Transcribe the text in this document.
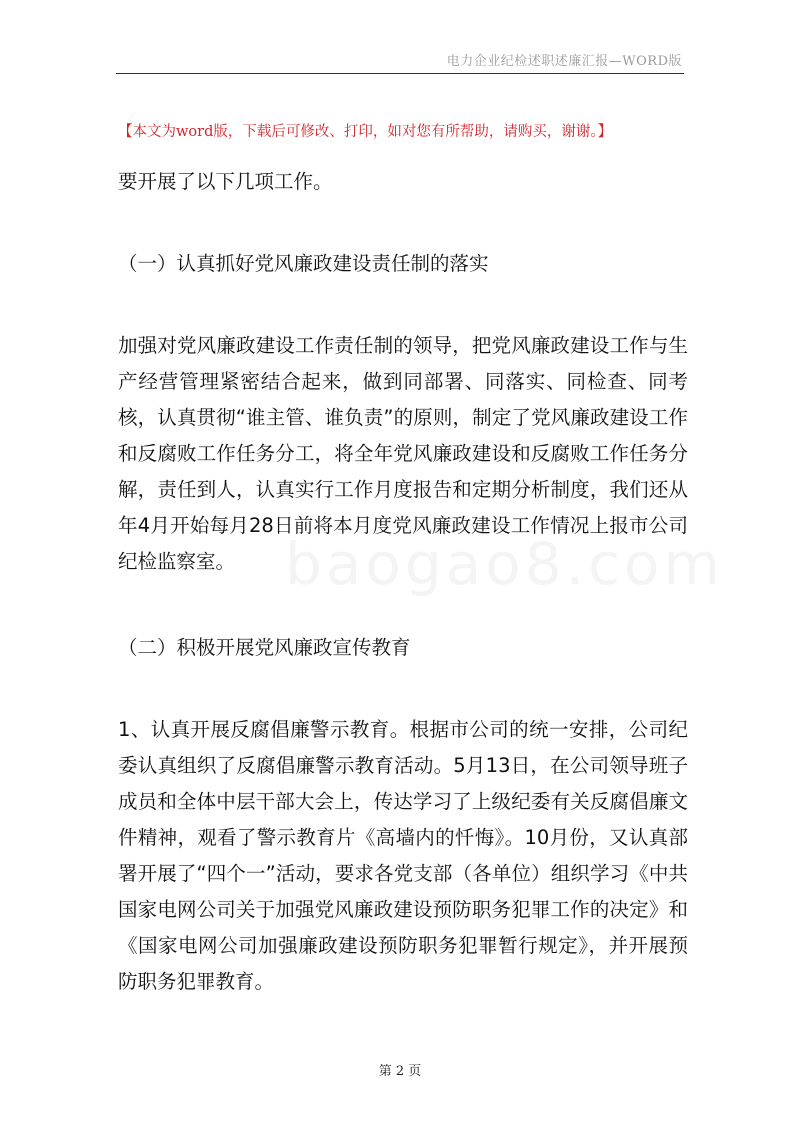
电力企业纪检述职述廉汇报—WORD版
【本文为word版，下载后可修改、打印，如对您有所帮助，请购买，谢谢。】
baogao8.com

要开展了以下几项工作。

（一）认真抓好党风廉政建设责任制的落实

加强对党风廉政建设工作责任制的领导，把党风廉政建设工作与生产经营管理紧密结合起来，做到同部署、同落实、同检查、同考核，认真贯彻“谁主管、谁负责”的原则，制定了党风廉政建设工作和反腐败工作任务分工，将全年党风廉政建设和反腐败工作任务分解，责任到人，认真实行工作月度报告和定期分析制度，我们还从年4月开始每月28日前将本月度党风廉政建设工作情况上报市公司纪检监察室。

（二）积极开展党风廉政宣传教育

1、认真开展反腐倡廉警示教育。根据市公司的统一安排，公司纪委认真组织了反腐倡廉警示教育活动。5月13日，在公司领导班子成员和全体中层干部大会上，传达学习了上级纪委有关反腐倡廉文件精神，观看了警示教育片《高墙内的忏悔》。10月份，又认真部署开展了“四个一”活动，要求各党支部（各单位）组织学习《中共国家电网公司关于加强党风廉政建设预防职务犯罪工作的决定》和《国家电网公司加强廉政建设预防职务犯罪暂行规定》，并开展预防职务犯罪教育。

第 2 页
